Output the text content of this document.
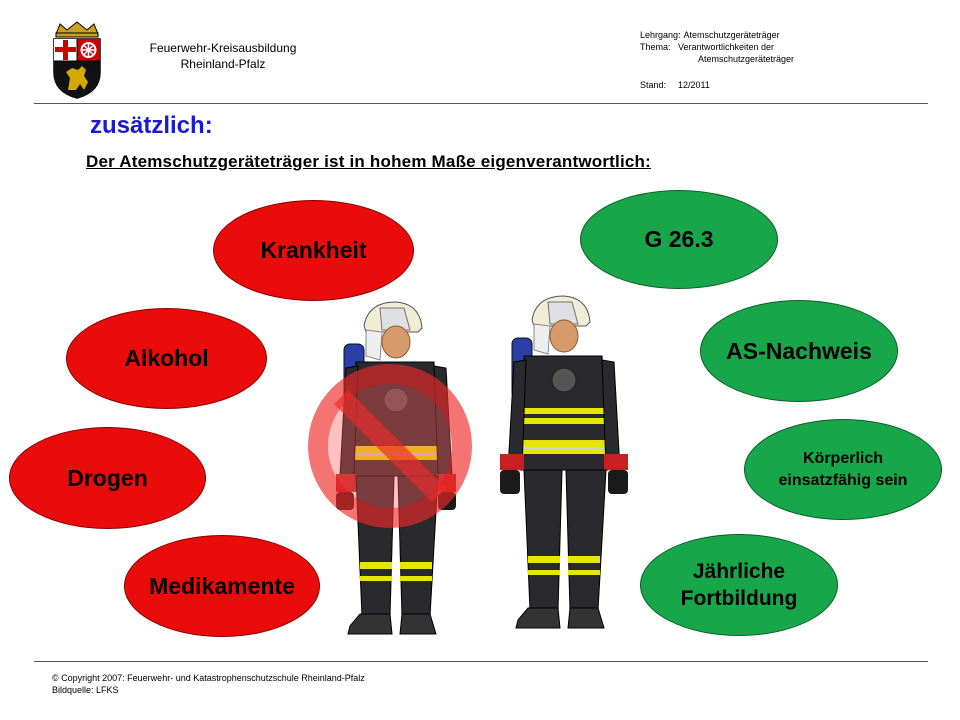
Feuerwehr-Kreisausbildung
Rheinland-Pfalz
Lehrgang: Atemschutzgeräteträger
Thema: Verantwortlichkeiten der
Atemschutzgeräteträger
Stand:	12/2011
zusätzlich:
Der Atemschutzgeräteträger ist in hohem Maße eigenverantwortlich:
Krankheit
Alkohol
Drogen
Medikamente
G 26.3
AS-Nachweis
Körperlich
einsatzfähig sein
Jährliche
Fortbildung
© Copyright 2007: Feuerwehr- und Katastrophenschutzschule Rheinland-Pfalz
Bildquelle: LFKS
